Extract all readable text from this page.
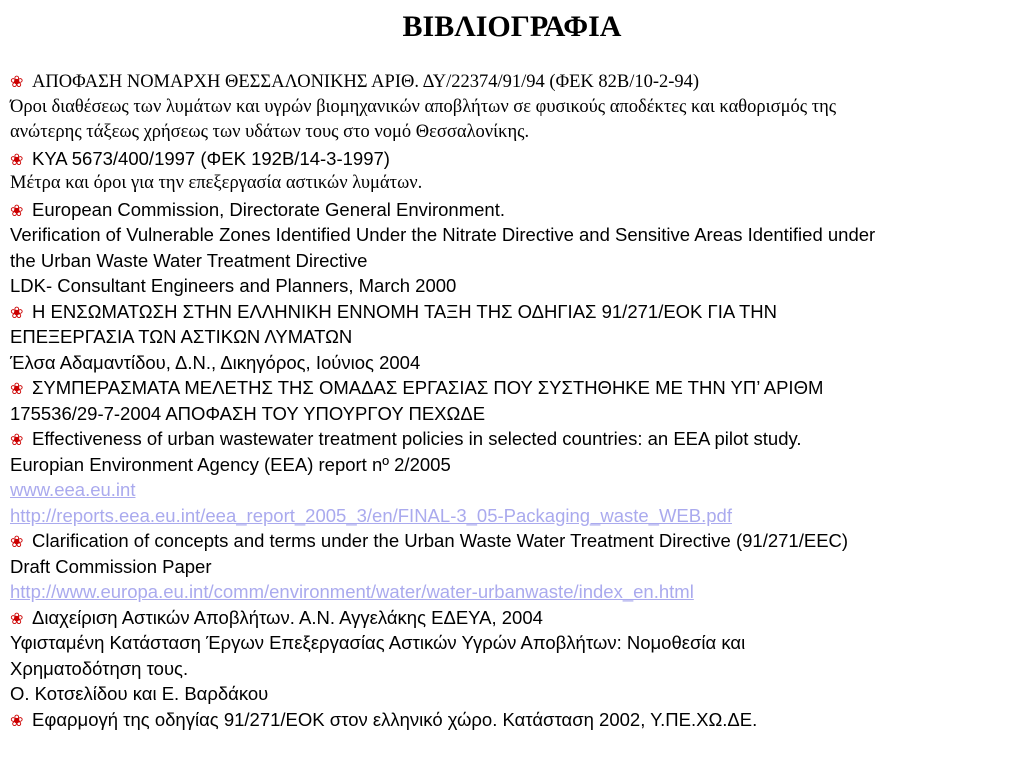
ΒΙΒΛΙΟΓΡΑΦΙΑ
❀ ΑΠΟΦΑΣΗ ΝΟΜΑΡΧΗ ΘΕΣΣΑΛΟΝΙΚΗΣ ΑΡΙΘ. ΔΥ/22374/91/94 (ΦΕΚ 82Β/10-2-94)
Όροι διαθέσεως των λυμάτων και υγρών βιομηχανικών αποβλήτων σε φυσικούς αποδέκτες και καθορισμός της
ανώτερης τάξεως χρήσεως των υδάτων τους στο νομό Θεσσαλονίκης.
❀ ΚΥΑ 5673/400/1997 (ΦΕΚ 192Β/14-3-1997)
Μέτρα και όροι για την επεξεργασία αστικών λυμάτων.
❀ European Commission, Directorate General Environment.
Verification of Vulnerable Zones Identified Under the Nitrate Directive and Sensitive Areas Identified under
the Urban Waste Water Treatment Directive
LDK- Consultant Engineers and Planners, March 2000
❀ Η ΕΝΣΩΜΑΤΩΣΗ ΣΤΗΝ ΕΛΛΗΝΙΚΗ ΕΝΝΟΜΗ ΤΑΞΗ ΤΗΣ ΟΔΗΓΙΑΣ 91/271/ΕΟΚ ΓΙΑ ΤΗΝ
ΕΠΕΞΕΡΓΑΣΙΑ ΤΩΝ ΑΣΤΙΚΩΝ ΛΥΜΑΤΩΝ
Έλσα Αδαμαντίδου, Δ.Ν., Δικηγόρος, Ιούνιος 2004
❀ ΣΥΜΠΕΡΑΣΜΑΤΑ ΜΕΛΕΤΗΣ ΤΗΣ ΟΜΑΔΑΣ ΕΡΓΑΣΙΑΣ ΠΟΥ ΣΥΣΤΗΘΗΚΕ ΜΕ ΤΗΝ ΥΠ’ ΑΡΙΘΜ
175536/29-7-2004 ΑΠΟΦΑΣΗ ΤΟΥ ΥΠΟΥΡΓΟΥ ΠΕΧΩΔΕ
❀ Effectiveness of urban wastewater treatment policies in selected countries: an EEA pilot study.
Europian Environment Agency (EEA) report nº 2/2005
www.eea.eu.int
http://reports.eea.eu.int/eea_report_2005_3/en/FINAL-3_05-Packaging_waste_WEB.pdf
❀ Clarification of concepts and terms under the Urban Waste Water Treatment Directive (91/271/EEC)
Draft Commission Paper
http://www.europa.eu.int/comm/environment/water/water-urbanwaste/index_en.html
❀ Διαχείριση Αστικών Αποβλήτων. Α.Ν. Αγγελάκης ΕΔΕΥΑ, 2004
Υφισταμένη Κατάσταση Έργων Επεξεργασίας Αστικών Υγρών Αποβλήτων: Νομοθεσία και
Χρηματοδότηση τους.
Ο. Κοτσελίδου και Ε. Βαρδάκου
❀ Εφαρμογή της οδηγίας 91/271/ΕΟΚ στον ελληνικό χώρο. Κατάσταση 2002, Υ.ΠΕ.ΧΩ.ΔΕ.
